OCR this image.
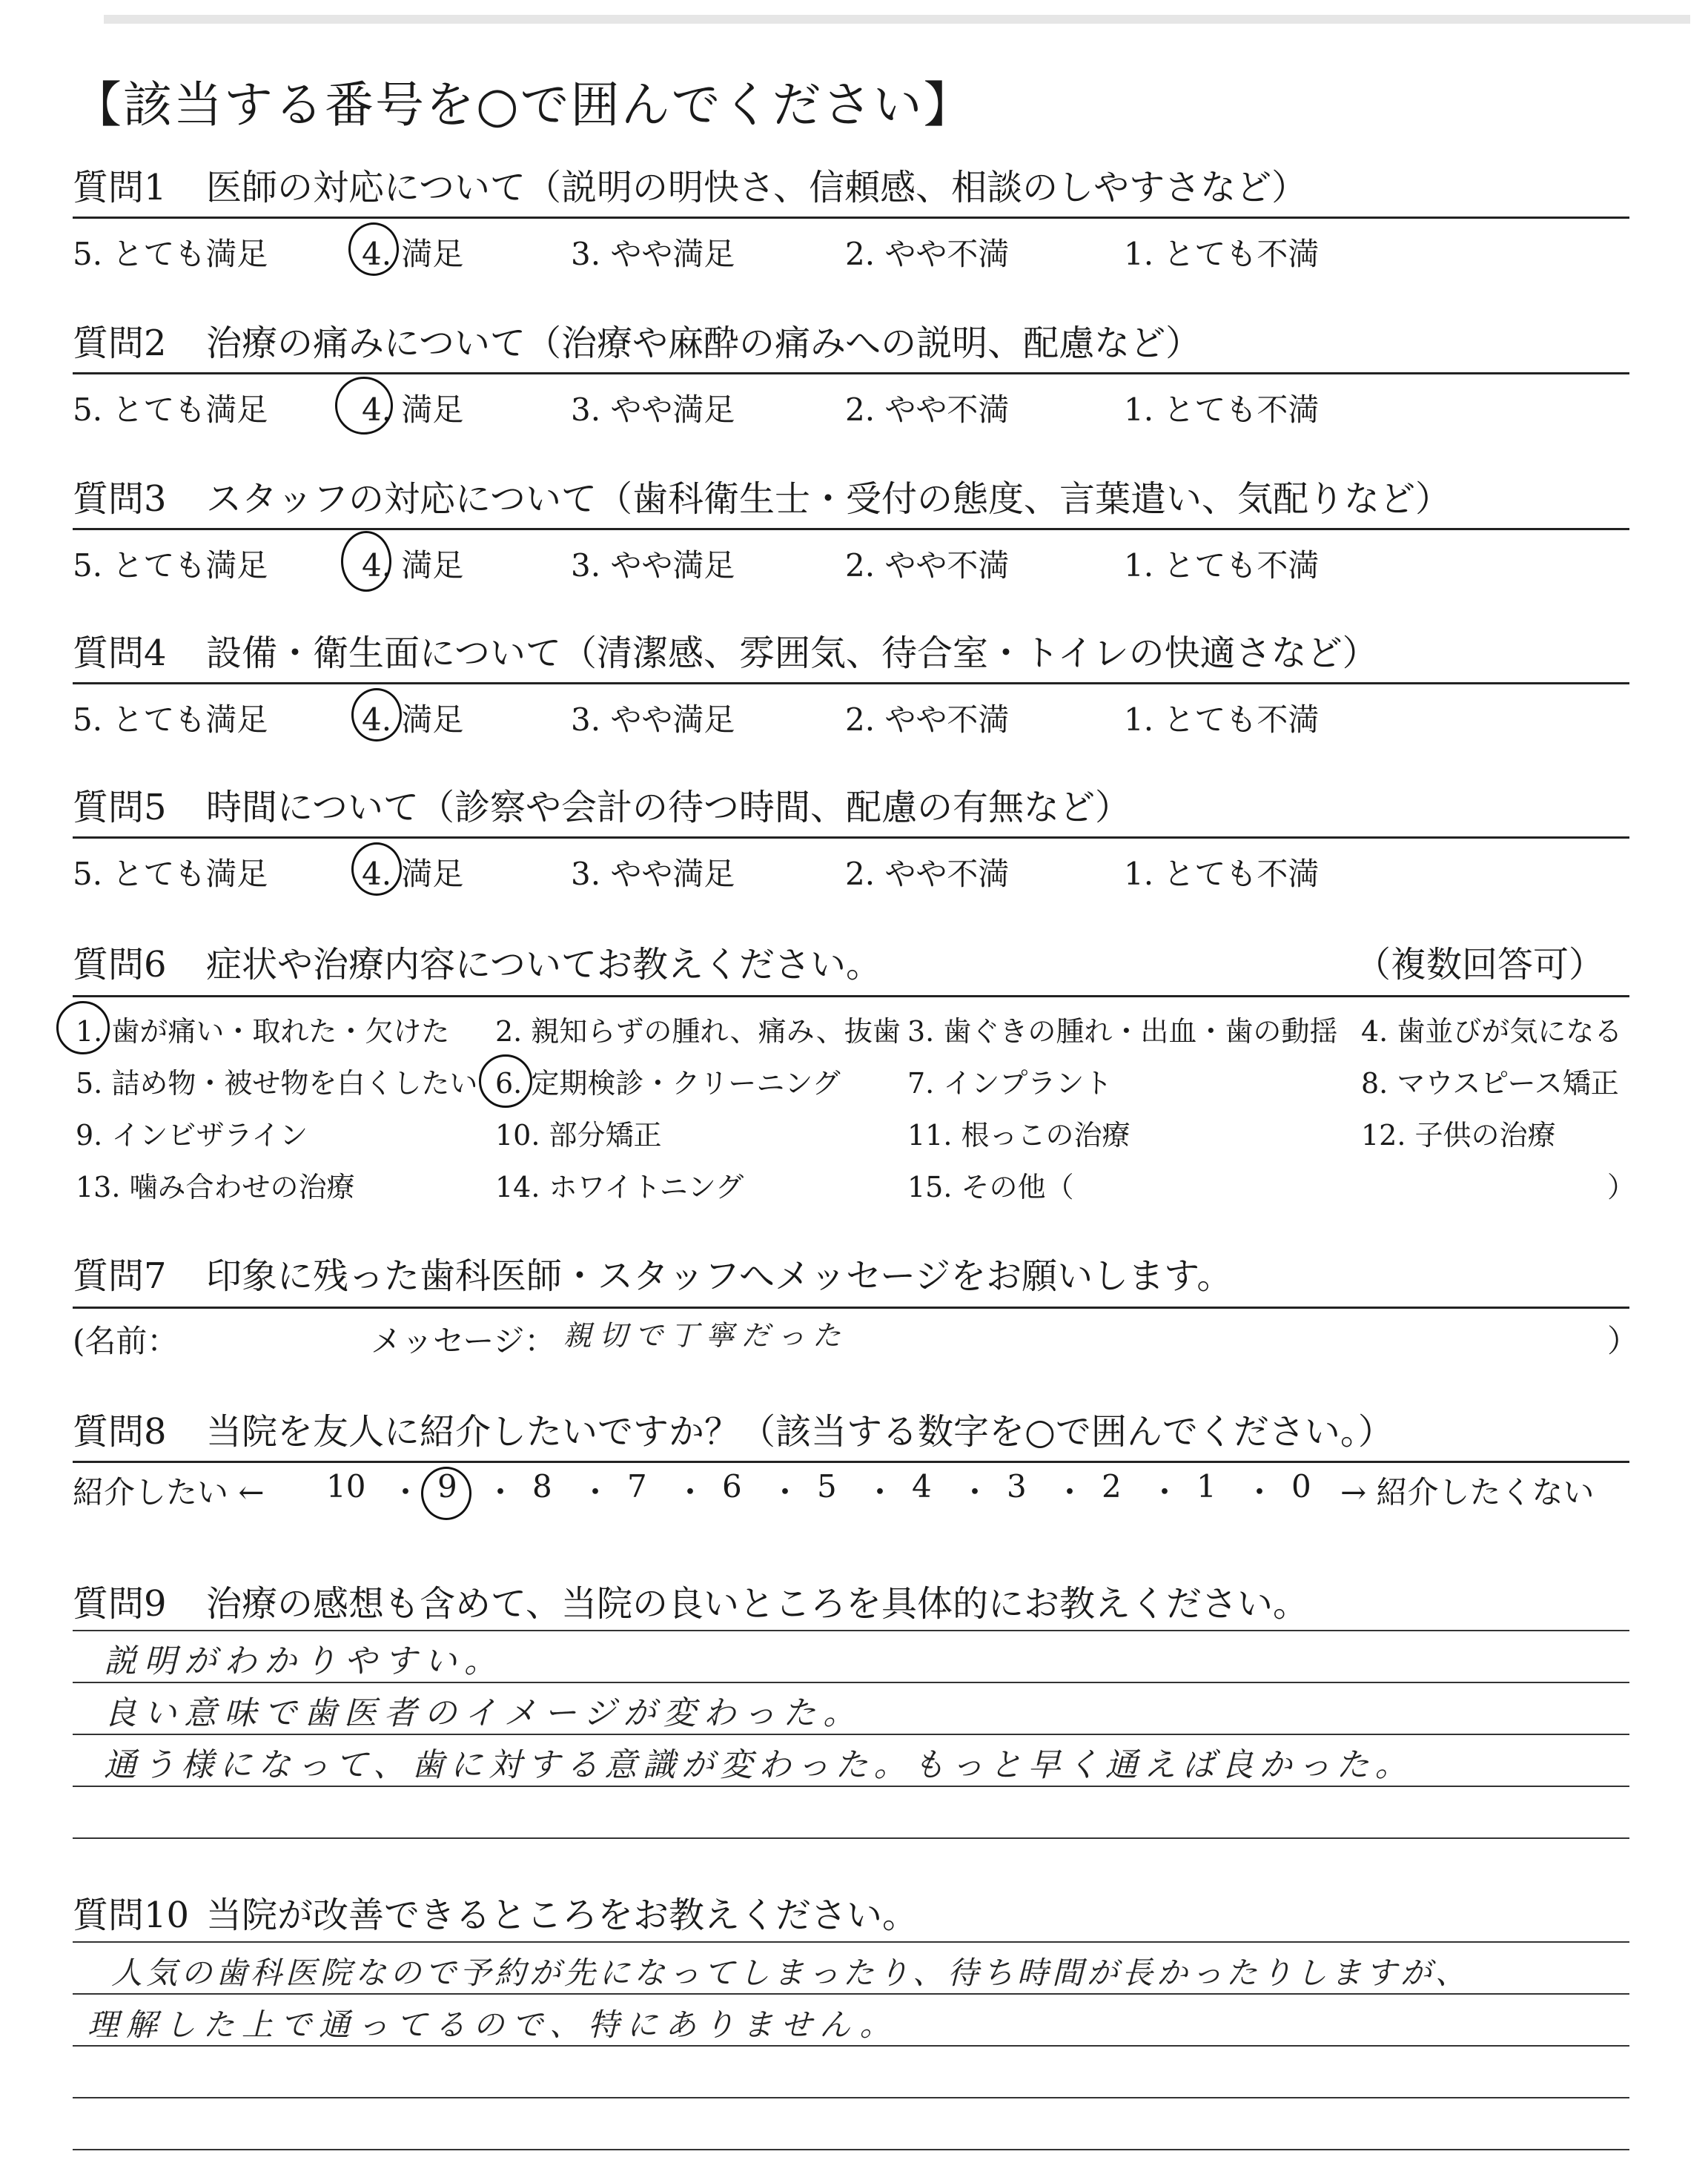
【該当する番号を○で囲んでください】
質問1 医師の対応について（説明の明快さ、信頼感、相談のしやすさなど）
5. とても満足	4. 満足	3. やや満足	2. やや不満	1. とても不満
質問2 治療の痛みについて（治療や麻酔の痛みへの説明、配慮など）
5. とても満足	4. 満足	3. やや満足	2. やや不満	1. とても不満
質問3 スタッフの対応について（歯科衛生士・受付の態度、言葉遣い、気配りなど）
5. とても満足	4. 満足	3. やや満足	2. やや不満	1. とても不満
質問4 設備・衛生面について（清潔感、雰囲気、待合室・トイレの快適さなど）
5. とても満足	4. 満足	3. やや満足	2. やや不満	1. とても不満
質問5 時間について（診察や会計の待つ時間、配慮の有無など）
5. とても満足	4. 満足	3. やや満足	2. やや不満	1. とても不満
質問6 症状や治療内容についてお教えください。	（複数回答可）
1. 歯が痛い・取れた・欠けた 2. 親知らずの腫れ、痛み、抜歯 3. 歯ぐきの腫れ・出血・歯の動揺 4. 歯並びが気になる
5. 詰め物・被せ物を白くしたい 6. 定期検診・クリーニング 7. インプラント	8. マウスピース矯正
9. インビザライン	10. 部分矯正	11. 根っこの治療	12. 子供の治療
13. 噛み合わせの治療	14. ホワイトニング	15. その他（	）
質問7 印象に残った歯科医師・スタッフへメッセージをお願いします。
(名前：	メッセージ： 親切で丁寧だった	）
質問8 当院を友人に紹介したいですか？（該当する数字を○で囲んでください。）
紹介したい ← 10 ・ 9 ・ 8 ・ 7 ・ 6 ・ 5 ・ 4 ・ 3 ・ 2 ・ 1 ・ 0 → 紹介したくない
質問9 治療の感想も含めて、当院の良いところを具体的にお教えください。
説明がわかりやすい。
良い意味で歯医者のイメージが変わった。
通う様になって、歯に対する意識が変わった。もっと早く通えば良かった。
質問10 当院が改善できるところをお教えください。
人気の歯科医院なので予約が先になってしまったり、待ち時間が長かったりしますが、
理解した上で通ってるので、特にありません。
